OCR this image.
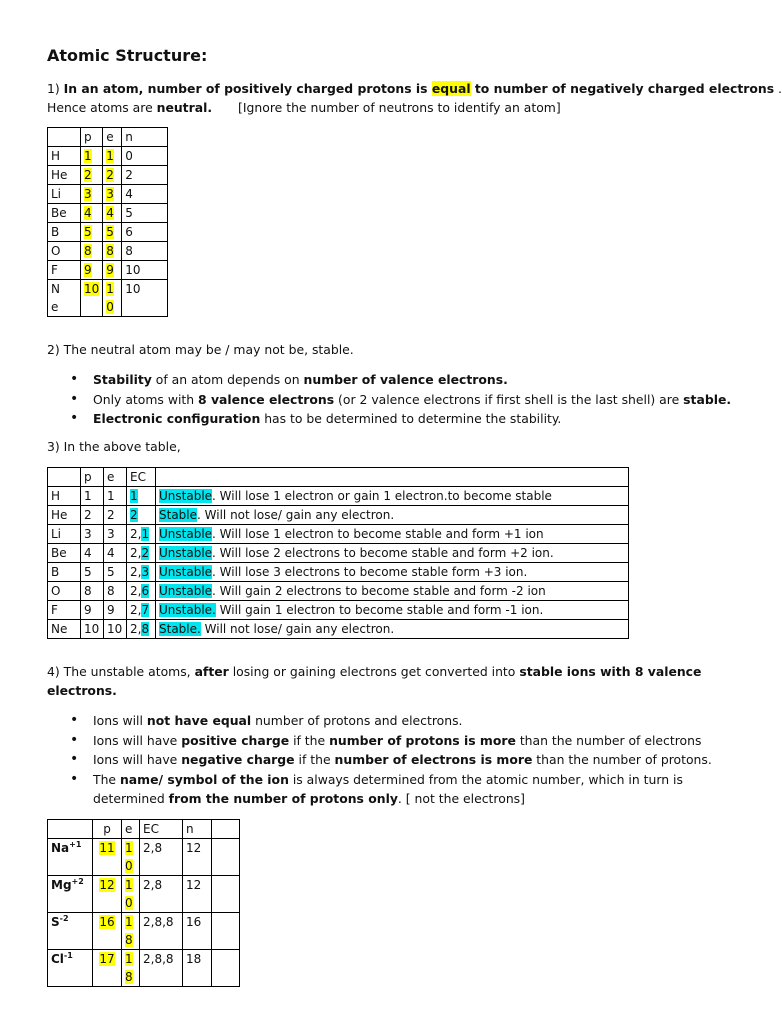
Atomic Structure:
1) In an atom, number of positively charged protons is equal to number of negatively charged electrons .
Hence atoms are neutral. [Ignore the number of neutrons to identify an atom]
	p	e	n
H	1	1	0
He	2	2	2
Li	3	3	4
Be	4	4	5
B	5	5	6
O	8	8	8
F	9	9	10
Ne	10	10	10
2) The neutral atom may be / may not be, stable.
• Stability of an atom depends on number of valence electrons.
• Only atoms with 8 valence electrons (or 2 valence electrons if first shell is the last shell) are stable.
• Electronic configuration has to be determined to determine the stability.
3) In the above table,
	p	e	EC	
H	1	1	1	Unstable. Will lose 1 electron or gain 1 electron.to become stable
He	2	2	2	Stable. Will not lose/ gain any electron.
Li	3	3	2,1	Unstable. Will lose 1 electron to become stable and form +1 ion
Be	4	4	2,2	Unstable. Will lose 2 electrons to become stable and form +2 ion.
B	5	5	2,3	Unstable. Will lose 3 electrons to become stable form +3 ion.
O	8	8	2,6	Unstable. Will gain 2 electrons to become stable and form -2 ion
F	9	9	2,7	Unstable. Will gain 1 electron to become stable and form -1 ion.
Ne	10	10	2,8	Stable. Will not lose/ gain any electron.
4) The unstable atoms, after losing or gaining electrons get converted into stable ions with 8 valence
electrons.
• Ions will not have equal number of protons and electrons.
• Ions will have positive charge if the number of protons is more than the number of electrons
• Ions will have negative charge if the number of electrons is more than the number of protons.
• The name/ symbol of the ion is always determined from the atomic number, which in turn is
determined from the number of protons only. [ not the electrons]
	p	e	EC	n	
$Na^{+1}$	11	10	2,8	12	
$Mg^{+2}$	12	10	2,8	12	
$S^{-2}$	16	18	2,8,8	16	
$Cl^{-1}$	17	18	2,8,8	18	
